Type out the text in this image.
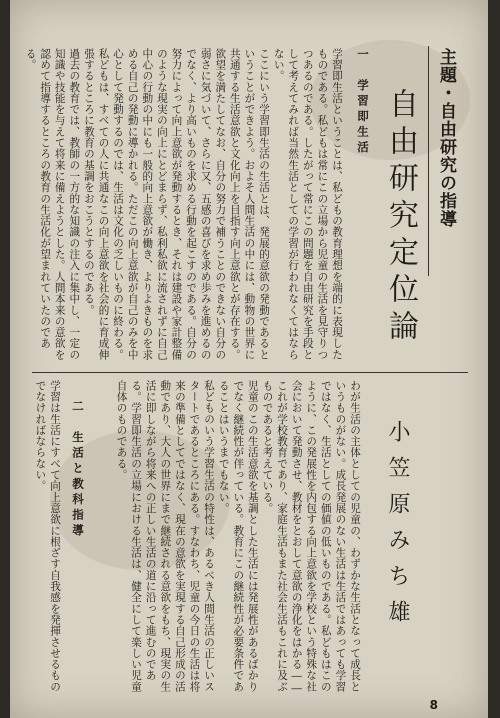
主題・自由研究の指導
自由研究定位論
一　学習即生活

学習即生活ということは、私どもの教育理想を端的に表現したものである。私どもは常にこの立場から児童の生活を見守りつつあるのである。したがって常にこの問題を自由研究を手段として考えてみれば当然生活としての学習が行われなくてはならない。

ここにいう学習即生活の生活とは、発展的意欲の発動であるということができよう。およそ人間生活の中には、動物の世界に共通する生活意欲と文化向上を目指す向上意欲とが存在する。欲望を満たしてなお、自分の努力で補うことのできない自分の弱さに気づいて、さらに又、五感の喜びを求め歩みを進めるのでなく、より高いものを求める行動を起こすのである。自分の努力によって向上意欲が発動するとき、それは建設や家計整備のような現実の向上にとどまらず、私利私欲に流されずに自己中心の行動の中にも一般的向上意欲が働き、よりよきものを求める自己の発動に導かれる。ただこの向上意欲が自己のみを中心として発動するのでは、生活は文化の乏しいものに終わる。私どもは、すべての人に共通なこの向上意欲を社会的に育成伸張するところに教育の基調をおこうとするのである。

過去の教育では、教師の一方的な知識の注入に集中し、一定の知識や技能を与えて将来に備えようとした。人間本来の意欲を認めて指導するところの教育の生活化が望まれていたのである。

小笠原みち雄

わが生活の主体としての児童の、わずかな生活となって成長というものがない。成長発展のない生活は生活ではあっても学習ではなく、生活としての価値の低いものである。私どもはこのように、この発展性を内包する向上意欲を学校という特殊な社会において発動させ、教材をとおして意欲の浄化をはかる――これが学校教育であり、家庭生活もまた社会生活もこれに及ぶものであると考えている。

児童のこの生活意欲を基調とした生活には発展性があるばかりでなく継続性が伴っている。教育にこの継続性が必要条件であることはいうまでもない。

私どものいう学習生活の特性は、あるべき人間生活の正しいスタートであるところにある。すなわち、児童の今日の生活は将来の準備としてではなく、現在の意欲を実現する自己形成の活動であり、大人の世界にまで継続される意欲をもち、現実の生活に即しながら将来への正しい生活の道に沿って進むのである。学習即生活の立場における生活は、健全にして楽しい児童自体のものである。

二　生活と教科指導

学習は生活にすべて向上意欲に根ざす自我感を発揮させるものでなければならない。

8
